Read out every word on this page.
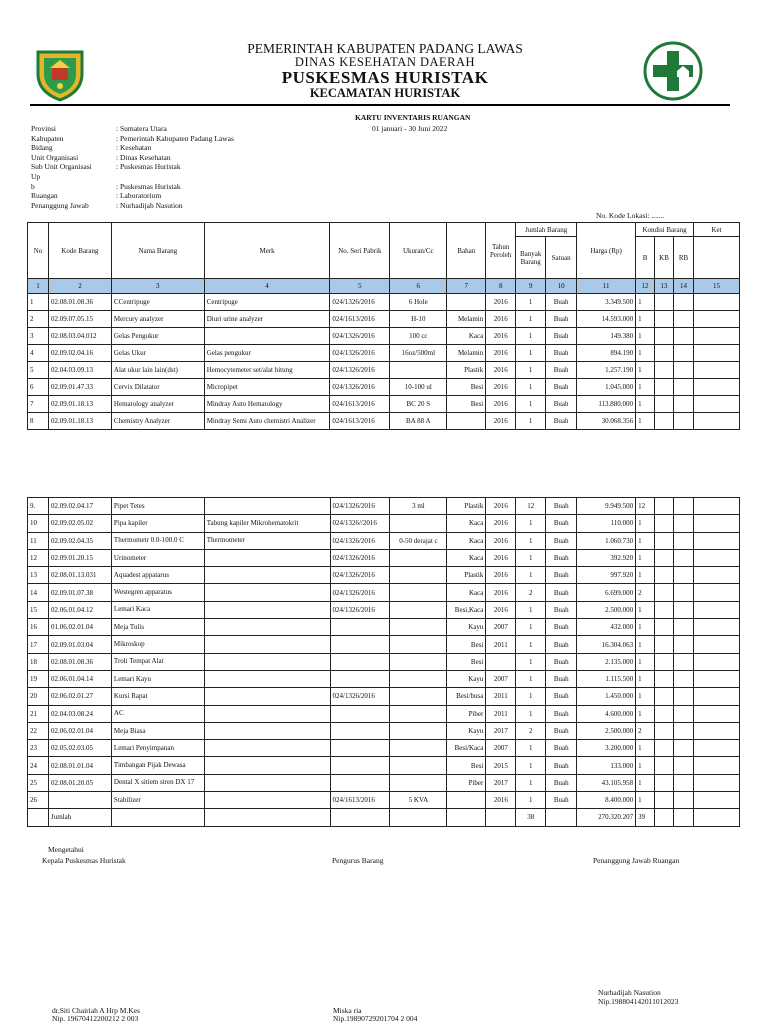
PEMERINTAH KABUPATEN PADANG LAWAS
DINAS KESEHATAN DAERAH
PUSKESMAS HURISTAK
KECAMATAN HURISTAK
KARTU INVENTARIS RUANGAN
01 januari - 30 Juni 2022
Provinsi	: Sumatera Utara
Kabupaten	: Pemerintah Kabupaten Padang Lawas
Bidang	: Kesehatan
Unit Organisasi	: Dinas Kesehatan
Sub Unit Organisasi	: Puskesmas Huristak
Up
b	: Puskesmas Huristak
Ruangan	: Laboratorium
Penanggung Jawab	: Nurhadijah Nasution
No. Kode Lokasi: .......
No	Kode Barang	Nama Barang	Merk	No. Seri Pabrik	Ukuran/Cc	Bahan	Tahun Peroleh	Jumlah Barang		Harga (Rp)	Kondisi Barang			Ket
								Banyak Barang	Satuan		B	KB	RB	
1	2	3	4	5	6	7	8	9	10	11	12	13	14	15
1	02.08.01.08.36	CCentripuge	Centripuge	024/1326/2016	6 Hole		2016	1	Buah	3.349.500	1			
2	02.09.07.05.15	Mercury analyzer	Diuri urine analyzer	024/1613/2016	H-10	Melamin	2016	1	Buah	14.593.000	1			
3	02.08.03.04.012	Gelas Pengukur		024/1326/2016	100 cc	Kaca	2016	1	Buah	149.380	1			
4	02.09.02.04.16	Gelas Ukur	Gelas pengukur	024/1326/2016	16oz/500ml	Melamin	2016	1	Buah	894.190	1			
5	02.04.03.09.13	Alat ukur lain lain(dst)	Hemocytemeter set/alat hitung	024/1326/2016		Plastik	2016	1	Buah	1.257.190	1			
6	02.09.01.47.33	Cervix Dilatator	Micropipet	024/1326/2016	10-100 ul	Besi	2016	1	Buah	1.045.000	1			
7	02.09.01.18.13	Hematology analyzer	Mindray Auto Hematology	024/1613/2016	BC 20 S	Besi	2016	1	Buah	113.880.000	1			
8	02.09.01.18.13	Chemistry Analyzer	Mindray Semi Auto chemistri Analizer	024/1613/2016	BA 88 A		2016	1	Buah	30.068.356	1			
9.	02.09.02.04.17	Pipet Tetes		024/1326/2016	3 ml	Plastik	2016	12	Buah	9.949.500	12			
10	02.09.02.05.02	Pipa kapiler	Tabung kapiler Mikrohematokrit	024/1326//2016		Kaca	2016	1	Buah	110.000	1			
11	02.09.02.04.35	Thermometr 0.0-100.0 C	Thermometer	024/1326/2016	0-50 derajat c	Kaca	2016	1	Buah	1.060.730	1			
12	02.09.01.20.15	Urinometer		024/1326/2016		Kaca	2016	1	Buah	392.920	1			
13	02.08.01.13.031	Aquadest appatarus		024/1326/2016		Plastik	2016	1	Buah	997.920	1			
14	02.09.01.07.38	Westegren apparatus		024/1326/2016		Kaca	2016	2	Buah	6.699.000	2			
15	02.06.01.04.12	Lemari Kaca		024/1326/2016		Besi,Kaca	2016	1	Buah	2.500.000	1			
16	01.06.02.01.04	Meja Tulis				Kayu	2007	1	Buah	432.000	1			
17	02.09.01.03.04	Mikroskop				Besi	2011	1	Buah	16.304.063	1			
18	02.08.01.08.36	Troli Tempat Alat				Besi		1	Buah	2.135.000	1			
19	02.06.01.04.14	Lemari Kayu				Kayu	2007	1	Buah	1.115.500	1			
20	02.06.02.01.27	Kursi Rapat		024/1326/2016		Besi/busa	2011	1	Buah	1.450.000	1			
21	02.04.03.08.24	AC				Piber	2011	1	Buah	4.600.000	1			
22	02.06.02.01.04	Meja Biasa				Kayu	2017	2	Buah	2.500.000	2			
23	02.05.02.03.05	Lemari Penyimpanan				Besi/Kaca	2007	1	Buah	3.200.000	1			
24	02.08.01.01.04	Timbangan Pijak Dewasa				Besi	2015	1	Buah	133.000	1			
25	02.08.01.20.05	Dental X sitiem stren DX 17				Piber	2017	1	Buah	43.105.958	1			
26		Stabilizer		024/1613/2016	5 KVA		2016	1	Buah	8.400.000	1			
	Jumlah							38		270.320.207	39			
Mengetahui
Kepala Puskesmas Huristak	Pengurus Barang	Penanggung Jawab Ruangan
Nurhadijah Nasution
Nip.198804142011012023
dr.Siti Chairiah A Hrp M.Kes
Nip. 19670412200212 2 003
Miska ria
Nip.19890729201704 2 004
